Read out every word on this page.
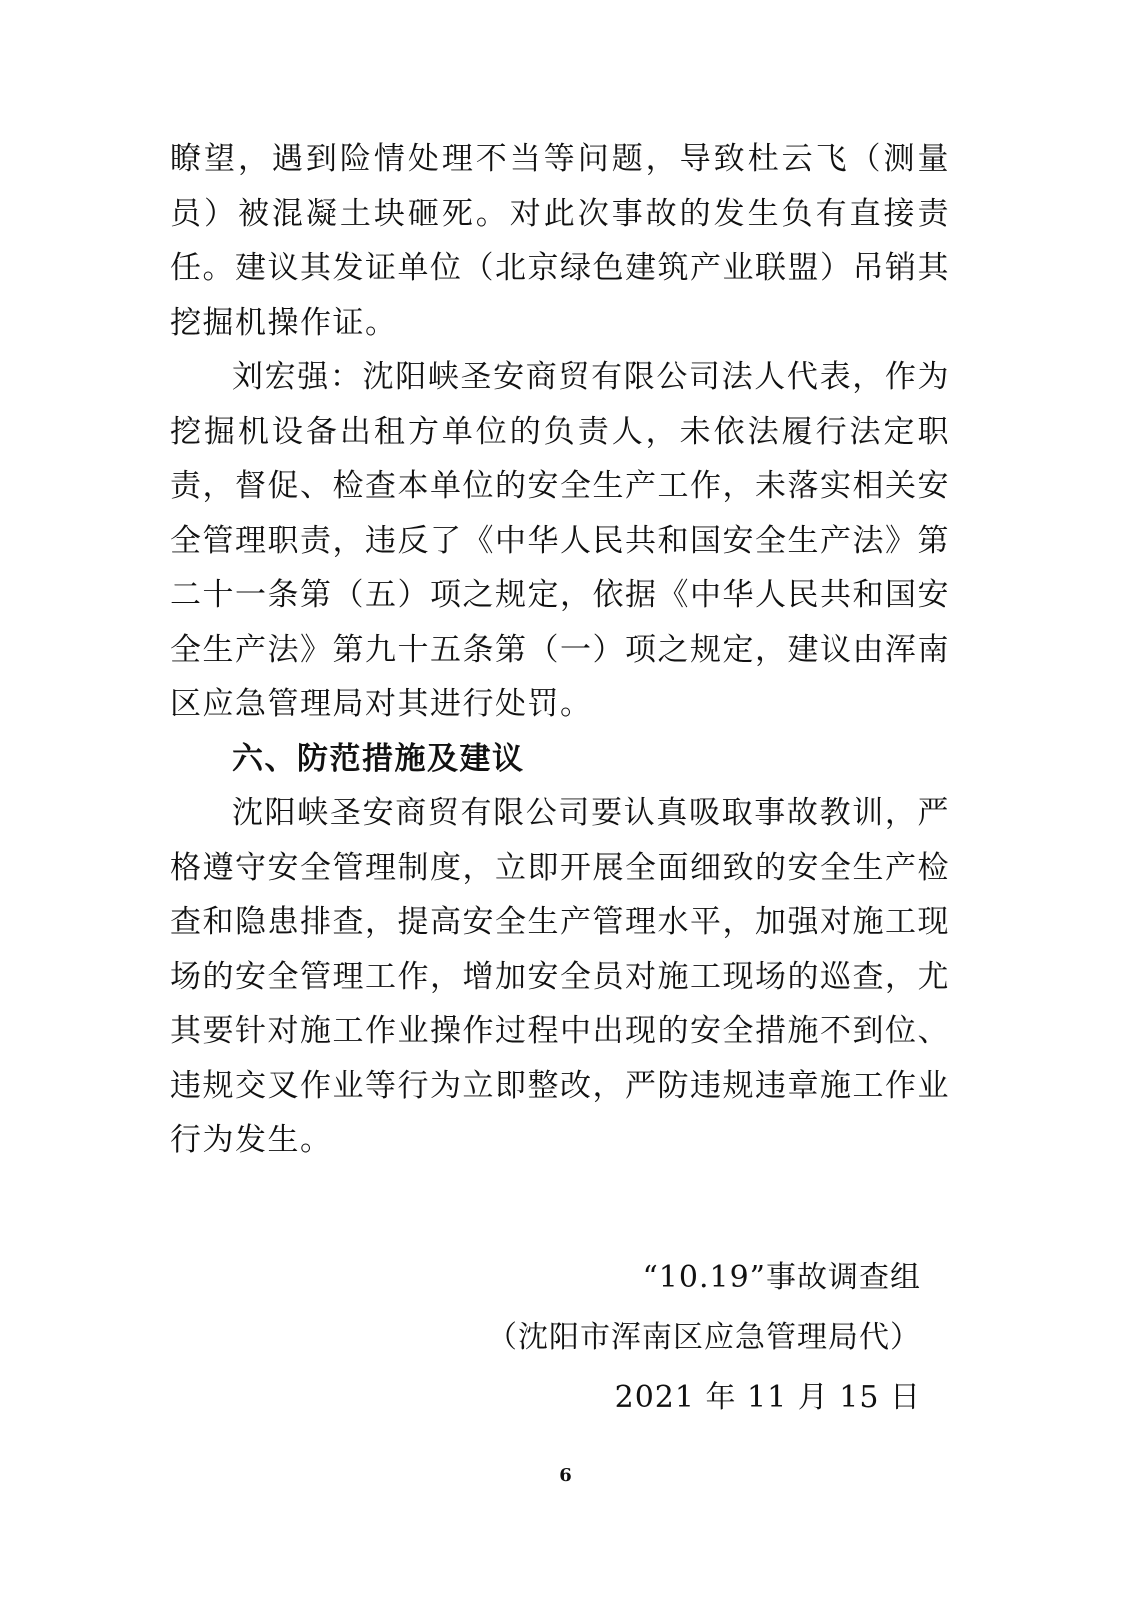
瞭望，遇到险情处理不当等问题，导致杜云飞（测量员）被混凝土块砸死。对此次事故的发生负有直接责任。建议其发证单位（北京绿色建筑产业联盟）吊销其挖掘机操作证。

刘宏强：沈阳峡圣安商贸有限公司法人代表，作为挖掘机设备出租方单位的负责人，未依法履行法定职责，督促、检查本单位的安全生产工作，未落实相关安全管理职责，违反了《中华人民共和国安全生产法》第二十一条第（五）项之规定，依据《中华人民共和国安全生产法》第九十五条第（一）项之规定，建议由浑南区应急管理局对其进行处罚。

六、防范措施及建议

沈阳峡圣安商贸有限公司要认真吸取事故教训，严格遵守安全管理制度，立即开展全面细致的安全生产检查和隐患排查，提高安全生产管理水平，加强对施工现场的安全管理工作，增加安全员对施工现场的巡查，尤其要针对施工作业操作过程中出现的安全措施不到位、违规交叉作业等行为立即整改，严防违规违章施工作业行为发生。

“10.19”事故调查组
（沈阳市浑南区应急管理局代）
2021 年 11 月 15 日
6
